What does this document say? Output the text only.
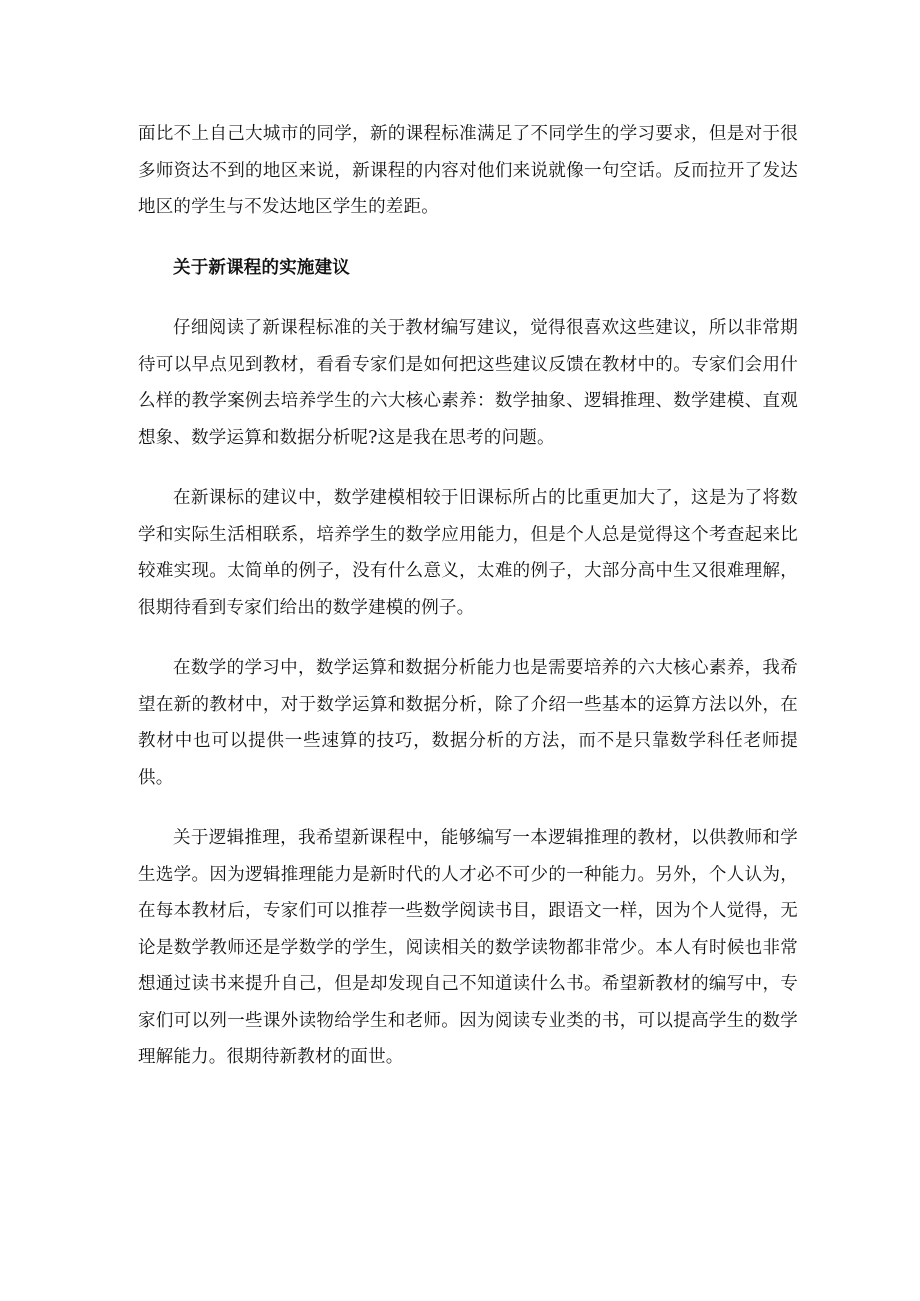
面比不上自己大城市的同学，新的课程标准满足了不同学生的学习要求，但是对于很多师资达不到的地区来说，新课程的内容对他们来说就像一句空话。反而拉开了发达地区的学生与不发达地区学生的差距。

关于新课程的实施建议

仔细阅读了新课程标准的关于教材编写建议，觉得很喜欢这些建议，所以非常期待可以早点见到教材，看看专家们是如何把这些建议反馈在教材中的。专家们会用什么样的教学案例去培养学生的六大核心素养：数学抽象、逻辑推理、数学建模、直观想象、数学运算和数据分析呢?这是我在思考的问题。

在新课标的建议中，数学建模相较于旧课标所占的比重更加大了，这是为了将数学和实际生活相联系，培养学生的数学应用能力，但是个人总是觉得这个考查起来比较难实现。太简单的例子，没有什么意义，太难的例子，大部分高中生又很难理解，很期待看到专家们给出的数学建模的例子。

在数学的学习中，数学运算和数据分析能力也是需要培养的六大核心素养，我希望在新的教材中，对于数学运算和数据分析，除了介绍一些基本的运算方法以外，在教材中也可以提供一些速算的技巧，数据分析的方法，而不是只靠数学科任老师提供。

关于逻辑推理，我希望新课程中，能够编写一本逻辑推理的教材，以供教师和学生选学。因为逻辑推理能力是新时代的人才必不可少的一种能力。另外，个人认为，在每本教材后，专家们可以推荐一些数学阅读书目，跟语文一样，因为个人觉得，无论是数学教师还是学数学的学生，阅读相关的数学读物都非常少。本人有时候也非常想通过读书来提升自己，但是却发现自己不知道读什么书。希望新教材的编写中，专家们可以列一些课外读物给学生和老师。因为阅读专业类的书，可以提高学生的数学理解能力。很期待新教材的面世。
